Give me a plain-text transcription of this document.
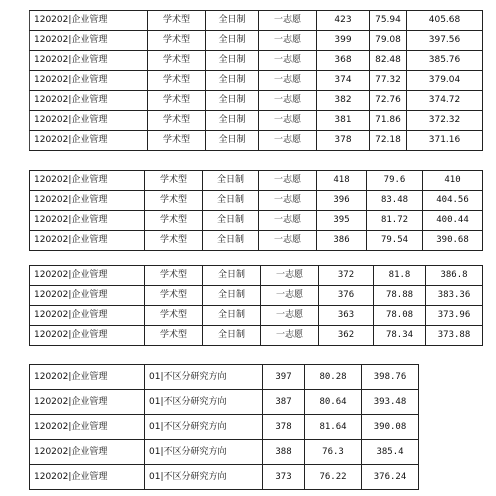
120202|企业管理	学术型	全日制	一志愿	423	75.94	405.68
120202|企业管理	学术型	全日制	一志愿	399	79.08	397.56
120202|企业管理	学术型	全日制	一志愿	368	82.48	385.76
120202|企业管理	学术型	全日制	一志愿	374	77.32	379.04
120202|企业管理	学术型	全日制	一志愿	382	72.76	374.72
120202|企业管理	学术型	全日制	一志愿	381	71.86	372.32
120202|企业管理	学术型	全日制	一志愿	378	72.18	371.16
120202|企业管理	学术型	全日制	一志愿	418	79.6	410
120202|企业管理	学术型	全日制	一志愿	396	83.48	404.56
120202|企业管理	学术型	全日制	一志愿	395	81.72	400.44
120202|企业管理	学术型	全日制	一志愿	386	79.54	390.68
120202|企业管理	学术型	全日制	一志愿	372	81.8	386.8
120202|企业管理	学术型	全日制	一志愿	376	78.88	383.36
120202|企业管理	学术型	全日制	一志愿	363	78.08	373.96
120202|企业管理	学术型	全日制	一志愿	362	78.34	373.88
120202|企业管理	01|不区分研究方向	397	80.28	398.76
120202|企业管理	01|不区分研究方向	387	80.64	393.48
120202|企业管理	01|不区分研究方向	378	81.64	390.08
120202|企业管理	01|不区分研究方向	388	76.3	385.4
120202|企业管理	01|不区分研究方向	373	76.22	376.24
